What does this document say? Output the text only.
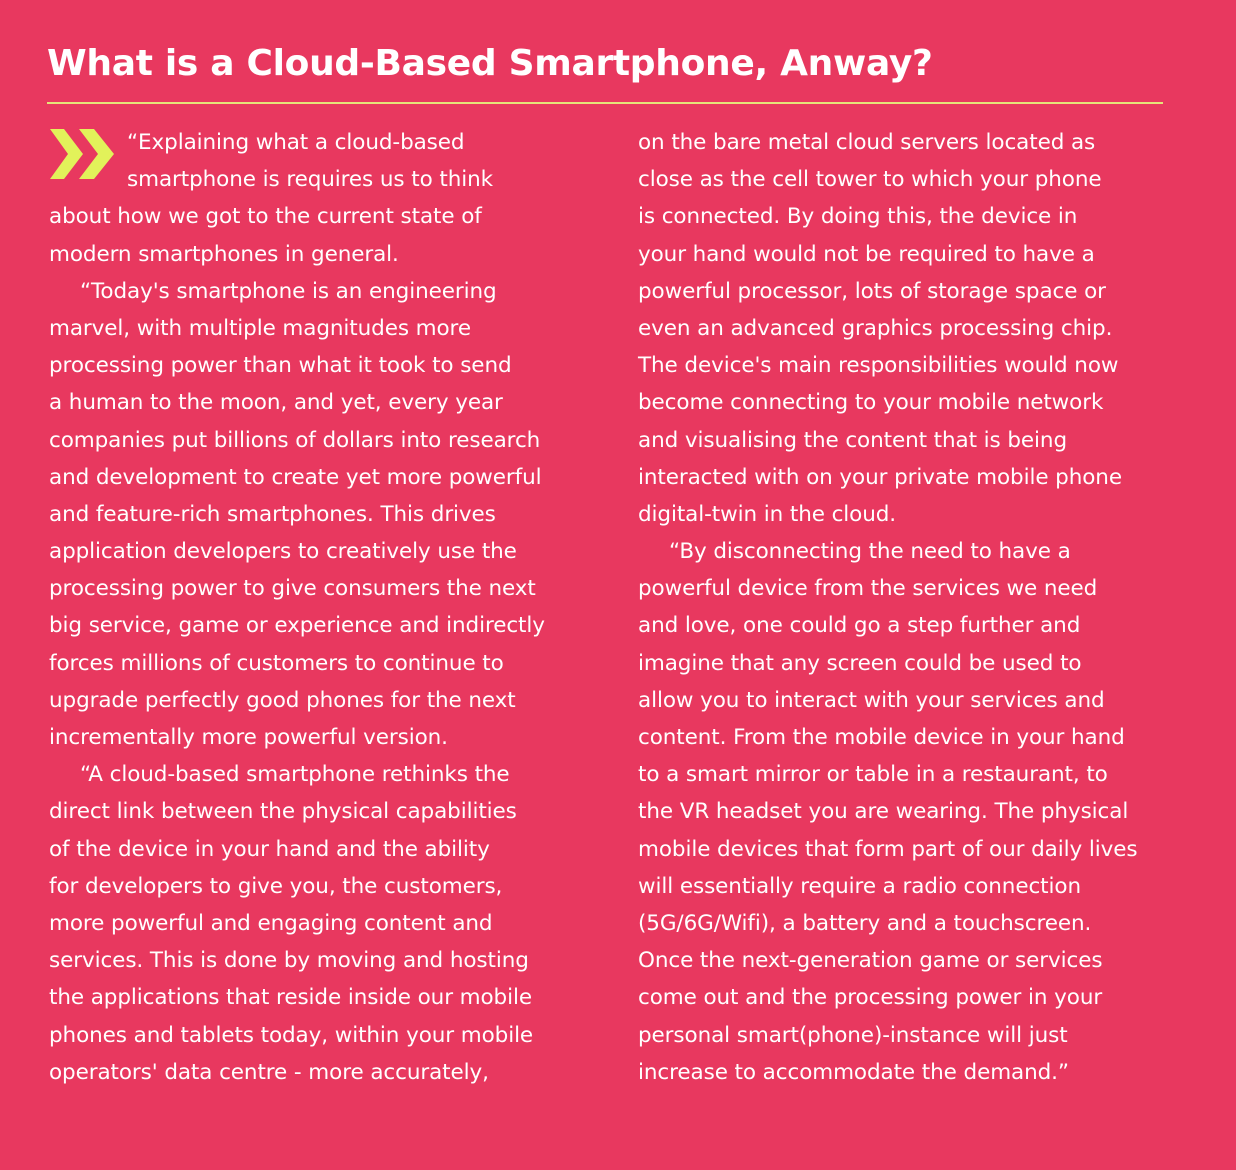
What is a Cloud-Based Smartphone, Anway?
“Explaining what a cloud-based
smartphone is requires us to think
about how we got to the current state of
modern smartphones in general.
“Today's smartphone is an engineering
marvel, with multiple magnitudes more
processing power than what it took to send
a human to the moon, and yet, every year
companies put billions of dollars into research
and development to create yet more powerful
and feature-rich smartphones. This drives
application developers to creatively use the
processing power to give consumers the next
big service, game or experience and indirectly
forces millions of customers to continue to
upgrade perfectly good phones for the next
incrementally more powerful version.
“A cloud-based smartphone rethinks the
direct link between the physical capabilities
of the device in your hand and the ability
for developers to give you, the customers,
more powerful and engaging content and
services. This is done by moving and hosting
the applications that reside inside our mobile
phones and tablets today, within your mobile
operators' data centre - more accurately,
on the bare metal cloud servers located as
close as the cell tower to which your phone
is connected. By doing this, the device in
your hand would not be required to have a
powerful processor, lots of storage space or
even an advanced graphics processing chip.
The device's main responsibilities would now
become connecting to your mobile network
and visualising the content that is being
interacted with on your private mobile phone
digital-twin in the cloud.
“By disconnecting the need to have a
powerful device from the services we need
and love, one could go a step further and
imagine that any screen could be used to
allow you to interact with your services and
content. From the mobile device in your hand
to a smart mirror or table in a restaurant, to
the VR headset you are wearing. The physical
mobile devices that form part of our daily lives
will essentially require a radio connection
(5G/6G/Wifi), a battery and a touchscreen.
Once the next-generation game or services
come out and the processing power in your
personal smart(phone)-instance will just
increase to accommodate the demand.”
